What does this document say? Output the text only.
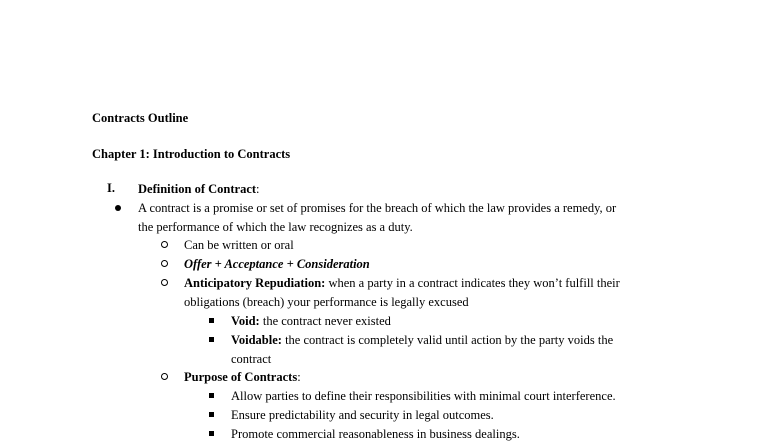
Contracts Outline
Chapter 1: Introduction to Contracts
I. Definition of Contract:
A contract is a promise or set of promises for the breach of which the law provides a remedy, or
the performance of which the law recognizes as a duty.
Can be written or oral
Offer + Acceptance + Consideration
Anticipatory Repudiation: when a party in a contract indicates they won’t fulfill their
obligations (breach) your performance is legally excused
Void: the contract never existed
Voidable: the contract is completely valid until action by the party voids the
contract
Purpose of Contracts:
Allow parties to define their responsibilities with minimal court interference.
Ensure predictability and security in legal outcomes.
Promote commercial reasonableness in business dealings.
